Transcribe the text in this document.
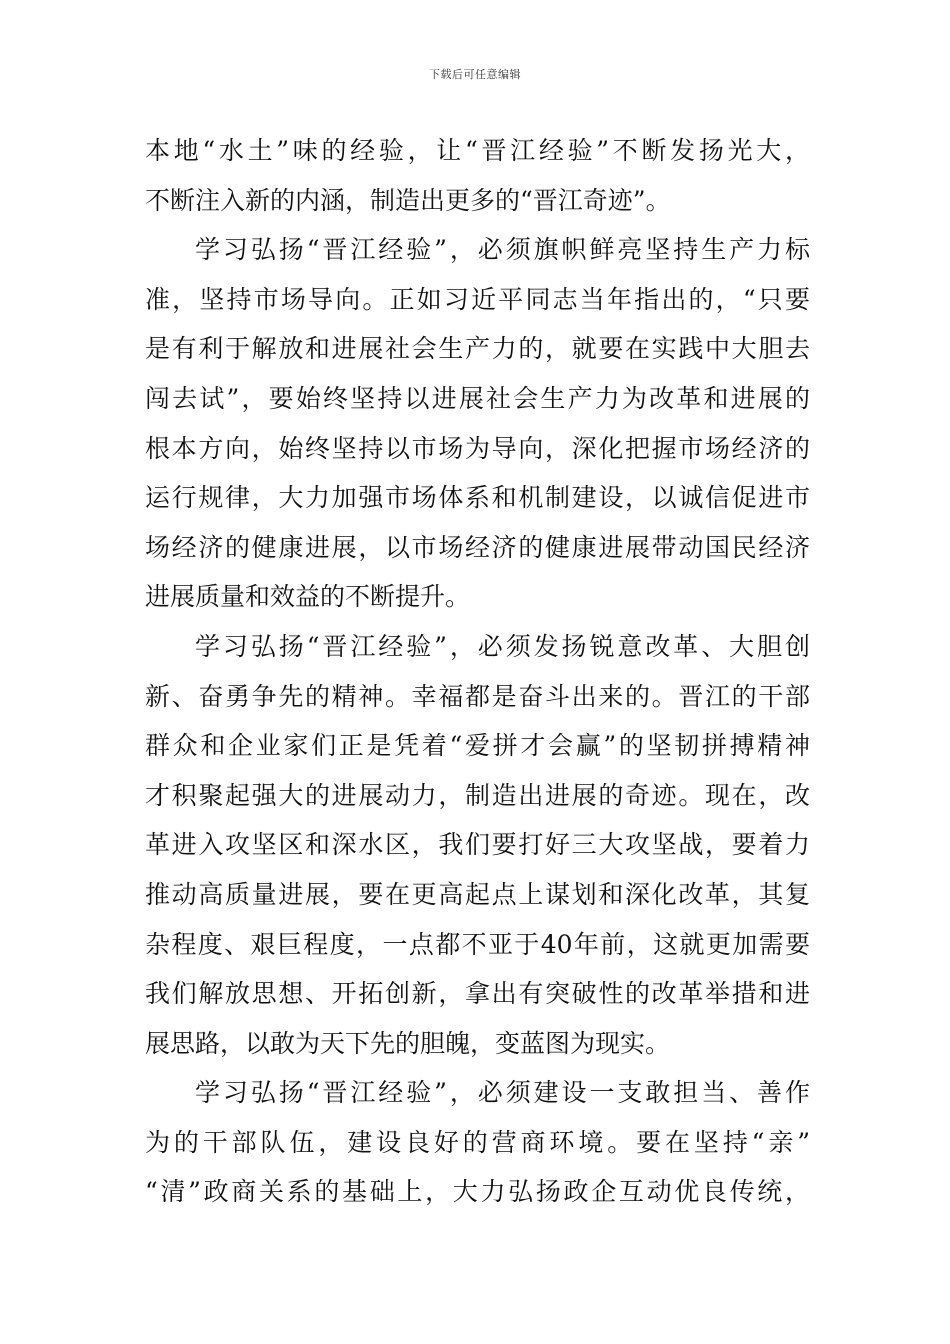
下载后可任意编辑
本地“水土”味的经验，让“晋江经验”不断发扬光大，
不断注入新的内涵，制造出更多的“晋江奇迹”。
学习弘扬“晋江经验”，必须旗帜鲜亮坚持生产力标
准，坚持市场导向。正如习近平同志当年指出的，“只要
是有利于解放和进展社会生产力的，就要在实践中大胆去
闯去试”，要始终坚持以进展社会生产力为改革和进展的
根本方向，始终坚持以市场为导向，深化把握市场经济的
运行规律，大力加强市场体系和机制建设，以诚信促进市
场经济的健康进展，以市场经济的健康进展带动国民经济
进展质量和效益的不断提升。
学习弘扬“晋江经验”，必须发扬锐意改革、大胆创
新、奋勇争先的精神。幸福都是奋斗出来的。晋江的干部
群众和企业家们正是凭着“爱拼才会赢”的坚韧拼搏精神
才积聚起强大的进展动力，制造出进展的奇迹。现在，改
革进入攻坚区和深水区，我们要打好三大攻坚战，要着力
推动高质量进展，要在更高起点上谋划和深化改革，其复
杂程度、艰巨程度，一点都不亚于40年前，这就更加需要
我们解放思想、开拓创新，拿出有突破性的改革举措和进
展思路，以敢为天下先的胆魄，变蓝图为现实。
学习弘扬“晋江经验”，必须建设一支敢担当、善作
为的干部队伍，建设良好的营商环境。要在坚持“亲”
“清”政商关系的基础上，大力弘扬政企互动优良传统，
